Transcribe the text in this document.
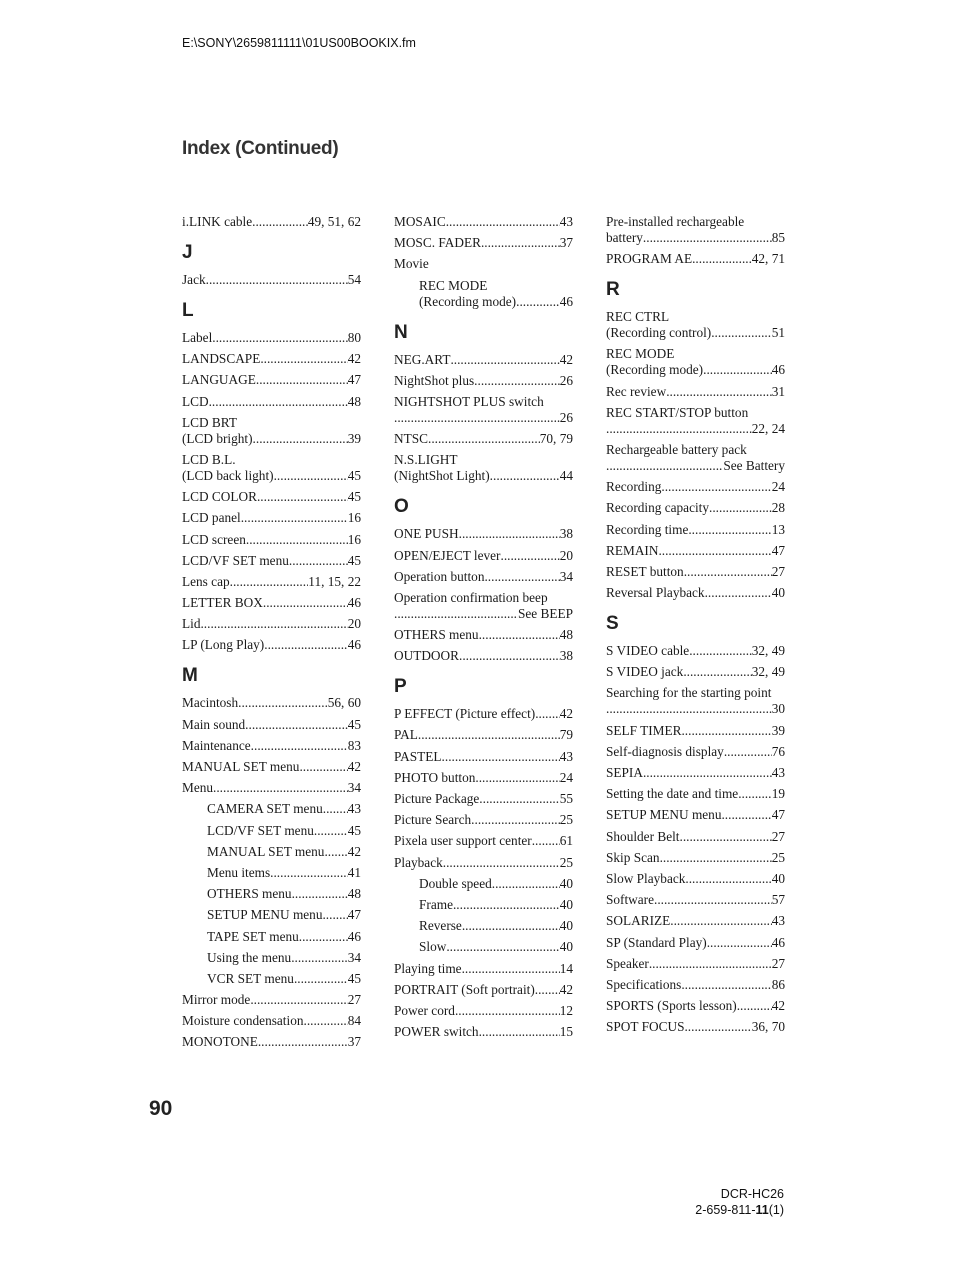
E:\SONY\2659811111\01US00BOOKIX.fm
Index (Continued)
i.LINK cable .....	49, 51, 62
J
Jack .....	54
L
Label .....	80
LANDSCAPE .....	42
LANGUAGE .....	47
LCD .....	48
LCD BRT
(LCD bright) .....	39
LCD B.L.
(LCD back light) .....	45
LCD COLOR .....	45
LCD panel .....	16
LCD screen .....	16
LCD/VF SET menu .....	45
Lens cap .....	11, 15, 22
LETTER BOX .....	46
Lid .....	20
LP (Long Play) .....	46
M
Macintosh .....	56, 60
Main sound .....	45
Maintenance .....	83
MANUAL SET menu .....	42
Menu .....	34
CAMERA SET menu ..... 43
LCD/VF SET menu .....	45
MANUAL SET menu ..... 42
Menu items .....	41
OTHERS menu .....	48
SETUP MENU menu ..... 47
TAPE SET menu .....	46
Using the menu .....	34
VCR SET menu .....	45
Mirror mode .....	27
Moisture condensation .....	84
MONOTONE .....	37
MOSAIC .....	43
MOSC. FADER .....	37
Movie
REC MODE
(Recording mode) .....	46
N
NEG.ART .....	42
NightShot plus .....	26
NIGHTSHOT PLUS switch
.....
26
NTSC .....	70, 79
N.S.LIGHT
(NightShot Light) .....	44
O
ONE PUSH .....	38
OPEN/EJECT lever .....	20
Operation button .....	34
Operation confirmation beep
.....
See BEEP
OTHERS menu .....	48
OUTDOOR .....	38
P
P EFFECT (Picture effect) ..... 42
PAL .....	79
PASTEL .....	43
PHOTO button .....	24
Picture Package .....	55
Picture Search .....	25
Pixela user support center ..... 61
Playback .....	25
Double speed .....	40
Frame .....	40
Reverse .....	40
Slow .....	40
Playing time .....	14
PORTRAIT (Soft portrait) ..... 42
Power cord .....	12
POWER switch .....	15
Pre-installed rechargeable
battery .....	85
PROGRAM AE .....	42, 71
R
REC CTRL
(Recording control) .....	51
REC MODE
(Recording mode) .....	46
Rec review .....	31
REC START/STOP button
.....
22, 24
Rechargeable battery pack
.....
See Battery
Recording .....	24
Recording capacity .....	28
Recording time .....	13
REMAIN .....	47
RESET button .....	27
Reversal Playback .....	40
S
S VIDEO cable .....	32, 49
S VIDEO jack .....	32, 49
Searching for the starting point
.....
30
SELF TIMER .....	39
Self-diagnosis display .....	76
SEPIA .....	43
Setting the date and time .....	19
SETUP MENU menu .....	47
Shoulder Belt .....	27
Skip Scan .....	25
Slow Playback .....	40
Software .....	57
SOLARIZE .....	43
SP (Standard Play) .....	46
Speaker .....	27
Specifications .....	86
SPORTS (Sports lesson) .....	42
SPOT FOCUS .....	36, 70
90
DCR-HC26
2-659-811-11(1)
